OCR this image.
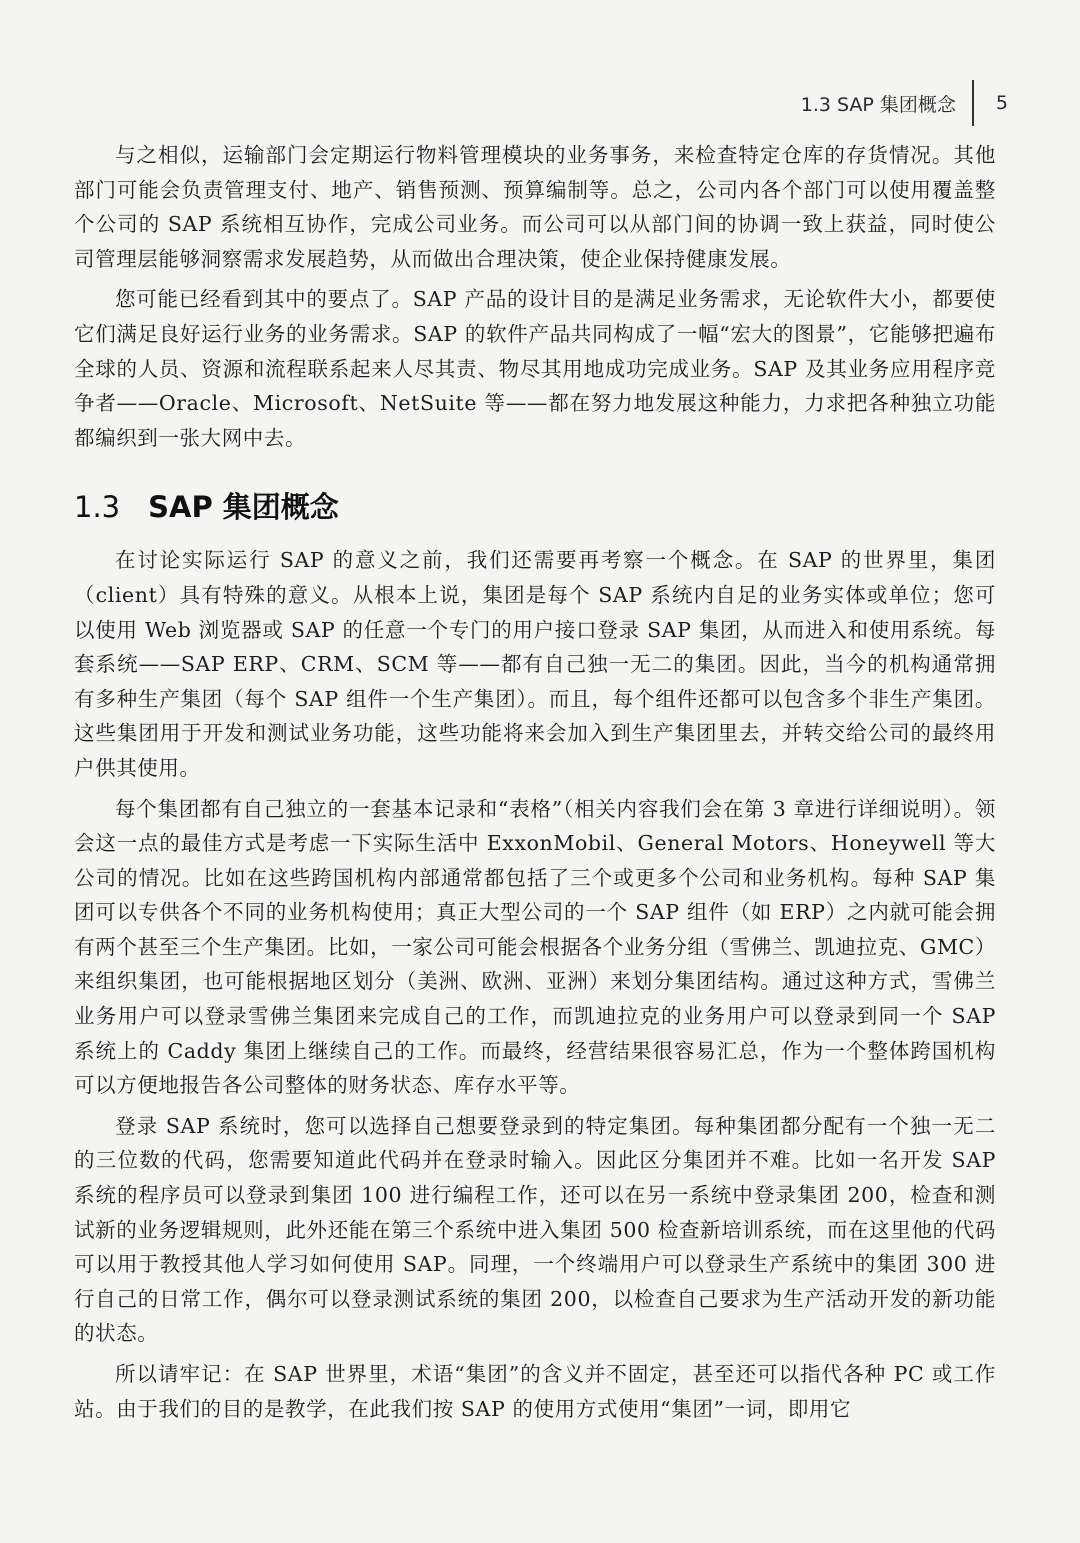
1.3 SAP 集团概念	5

与之相似，运输部门会定期运行物料管理模块的业务事务，来检查特定仓库的存货情况。其他部门可能会负责管理支付、地产、销售预测、预算编制等。总之，公司内各个部门可以使用覆盖整个公司的 SAP 系统相互协作，完成公司业务。而公司可以从部门间的协调一致上获益，同时使公司管理层能够洞察需求发展趋势，从而做出合理决策，使企业保持健康发展。

您可能已经看到其中的要点了。SAP 产品的设计目的是满足业务需求，无论软件大小，都要使它们满足良好运行业务的业务需求。SAP 的软件产品共同构成了一幅“宏大的图景”，它能够把遍布全球的人员、资源和流程联系起来人尽其责、物尽其用地成功完成业务。SAP 及其业务应用程序竞争者——Oracle、Microsoft、NetSuite 等——都在努力地发展这种能力，力求把各种独立功能都编织到一张大网中去。

1.3 SAP 集团概念

在讨论实际运行 SAP 的意义之前，我们还需要再考察一个概念。在 SAP 的世界里，集团（client）具有特殊的意义。从根本上说，集团是每个 SAP 系统内自足的业务实体或单位；您可以使用 Web 浏览器或 SAP 的任意一个专门的用户接口登录 SAP 集团，从而进入和使用系统。每套系统——SAP ERP、CRM、SCM 等——都有自己独一无二的集团。因此，当今的机构通常拥有多种生产集团（每个 SAP 组件一个生产集团）。而且，每个组件还都可以包含多个非生产集团。这些集团用于开发和测试业务功能，这些功能将来会加入到生产集团里去，并转交给公司的最终用户供其使用。

每个集团都有自己独立的一套基本记录和“表格”（相关内容我们会在第 3 章进行详细说明）。领会这一点的最佳方式是考虑一下实际生活中 ExxonMobil、General Motors、Honeywell 等大公司的情况。比如在这些跨国机构内部通常都包括了三个或更多个公司和业务机构。每种 SAP 集团可以专供各个不同的业务机构使用；真正大型公司的一个 SAP 组件（如 ERP）之内就可能会拥有两个甚至三个生产集团。比如，一家公司可能会根据各个业务分组（雪佛兰、凯迪拉克、GMC）来组织集团，也可能根据地区划分（美洲、欧洲、亚洲）来划分集团结构。通过这种方式，雪佛兰业务用户可以登录雪佛兰集团来完成自己的工作，而凯迪拉克的业务用户可以登录到同一个 SAP 系统上的 Caddy 集团上继续自己的工作。而最终，经营结果很容易汇总，作为一个整体跨国机构可以方便地报告各公司整体的财务状态、库存水平等。

登录 SAP 系统时，您可以选择自己想要登录到的特定集团。每种集团都分配有一个独一无二的三位数的代码，您需要知道此代码并在登录时输入。因此区分集团并不难。比如一名开发 SAP 系统的程序员可以登录到集团 100 进行编程工作，还可以在另一系统中登录集团 200，检查和测试新的业务逻辑规则，此外还能在第三个系统中进入集团 500 检查新培训系统，而在这里他的代码可以用于教授其他人学习如何使用 SAP。同理，一个终端用户可以登录生产系统中的集团 300 进行自己的日常工作，偶尔可以登录测试系统的集团 200，以检查自己要求为生产活动开发的新功能的状态。

所以请牢记：在 SAP 世界里，术语“集团”的含义并不固定，甚至还可以指代各种 PC 或工作站。由于我们的目的是教学，在此我们按 SAP 的使用方式使用“集团”一词，即用它
